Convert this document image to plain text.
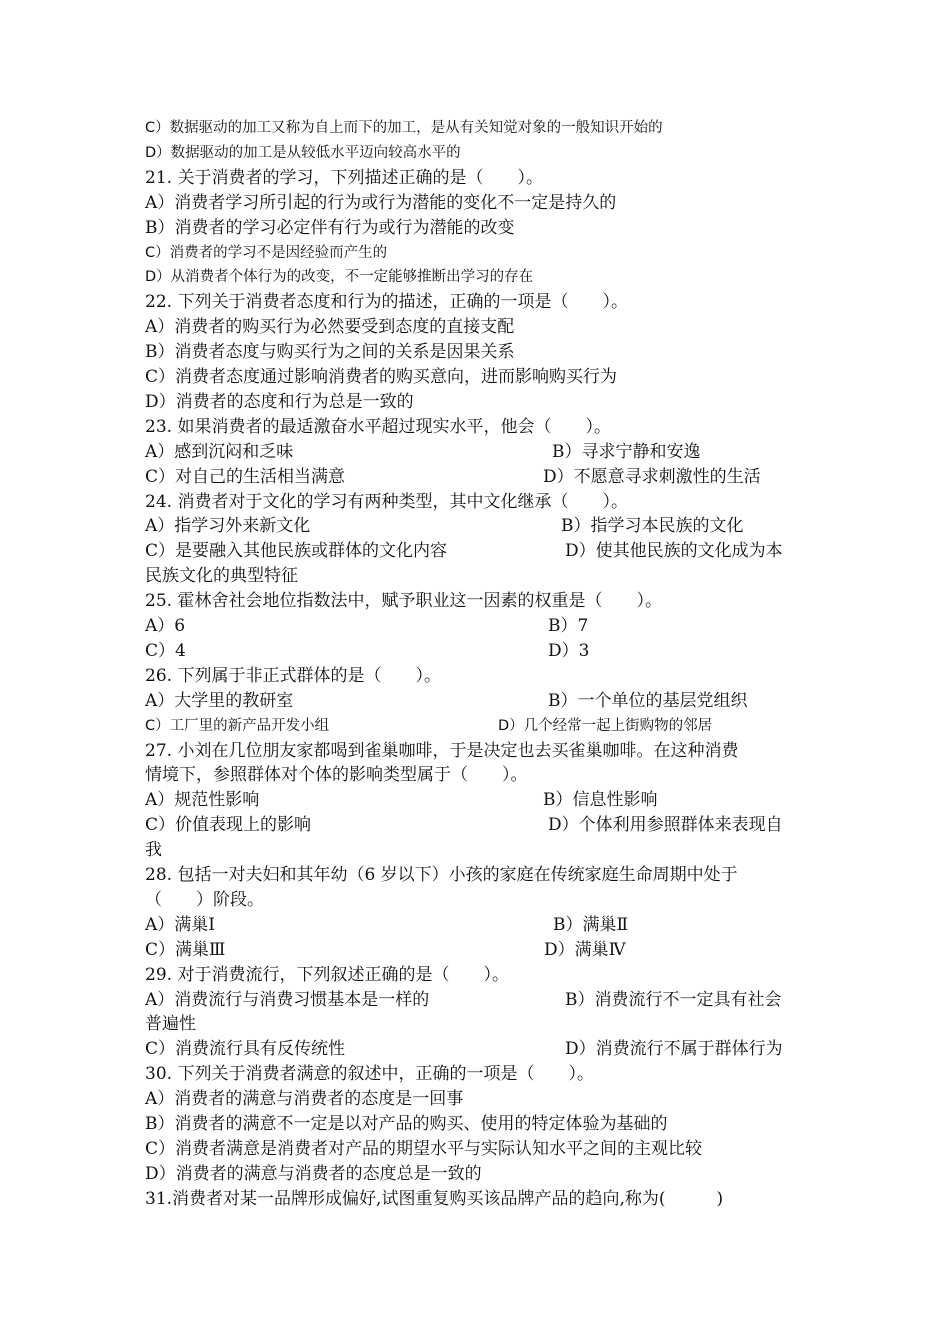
C）数据驱动的加工又称为自上而下的加工，是从有关知觉对象的一般知识开始的
D）数据驱动的加工是从较低水平迈向较高水平的
21. 关于消费者的学习，下列描述正确的是（　　）。
A）消费者学习所引起的行为或行为潜能的变化不一定是持久的
B）消费者的学习必定伴有行为或行为潜能的改变
C）消费者的学习不是因经验而产生的
D）从消费者个体行为的改变，不一定能够推断出学习的存在
22. 下列关于消费者态度和行为的描述，正确的一项是（　　）。
A）消费者的购买行为必然要受到态度的直接支配
B）消费者态度与购买行为之间的关系是因果关系
C）消费者态度通过影响消费者的购买意向，进而影响购买行为
D）消费者的态度和行为总是一致的
23. 如果消费者的最适激奋水平超过现实水平，他会（　　）。
A）感到沉闷和乏味	B）寻求宁静和安逸
C）对自己的生活相当满意	D）不愿意寻求刺激性的生活
24. 消费者对于文化的学习有两种类型，其中文化继承（　　）。
A）指学习外来新文化	B）指学习本民族的文化
C）是要融入其他民族或群体的文化内容	D）使其他民族的文化成为本
民族文化的典型特征
25. 霍林舍社会地位指数法中，赋予职业这一因素的权重是（　　）。
A）6	B）7
C）4	D）3
26. 下列属于非正式群体的是（　　）。
A）大学里的教研室	B）一个单位的基层党组织
C）工厂里的新产品开发小组	D）几个经常一起上街购物的邻居
27. 小刘在几位朋友家都喝到雀巢咖啡，于是决定也去买雀巢咖啡。在这种消费
情境下，参照群体对个体的影响类型属于（　　）。
A）规范性影响	B）信息性影响
C）价值表现上的影响	D）个体利用参照群体来表现自
我
28. 包括一对夫妇和其年幼（6 岁以下）小孩的家庭在传统家庭生命周期中处于
（　　）阶段。
A）满巢Ⅰ	B）满巢Ⅱ
C）满巢Ⅲ	D）满巢Ⅳ
29. 对于消费流行，下列叙述正确的是（　　）。
A）消费流行与消费习惯基本是一样的	B）消费流行不一定具有社会
普遍性
C）消费流行具有反传统性	D）消费流行不属于群体行为
30. 下列关于消费者满意的叙述中，正确的一项是（　　）。
A）消费者的满意与消费者的态度是一回事
B）消费者的满意不一定是以对产品的购买、使用的特定体验为基础的
C）消费者满意是消费者对产品的期望水平与实际认知水平之间的主观比较
D）消费者的满意与消费者的态度总是一致的
31.消费者对某一品牌形成偏好,试图重复购买该品牌产品的趋向,称为(　　　)
